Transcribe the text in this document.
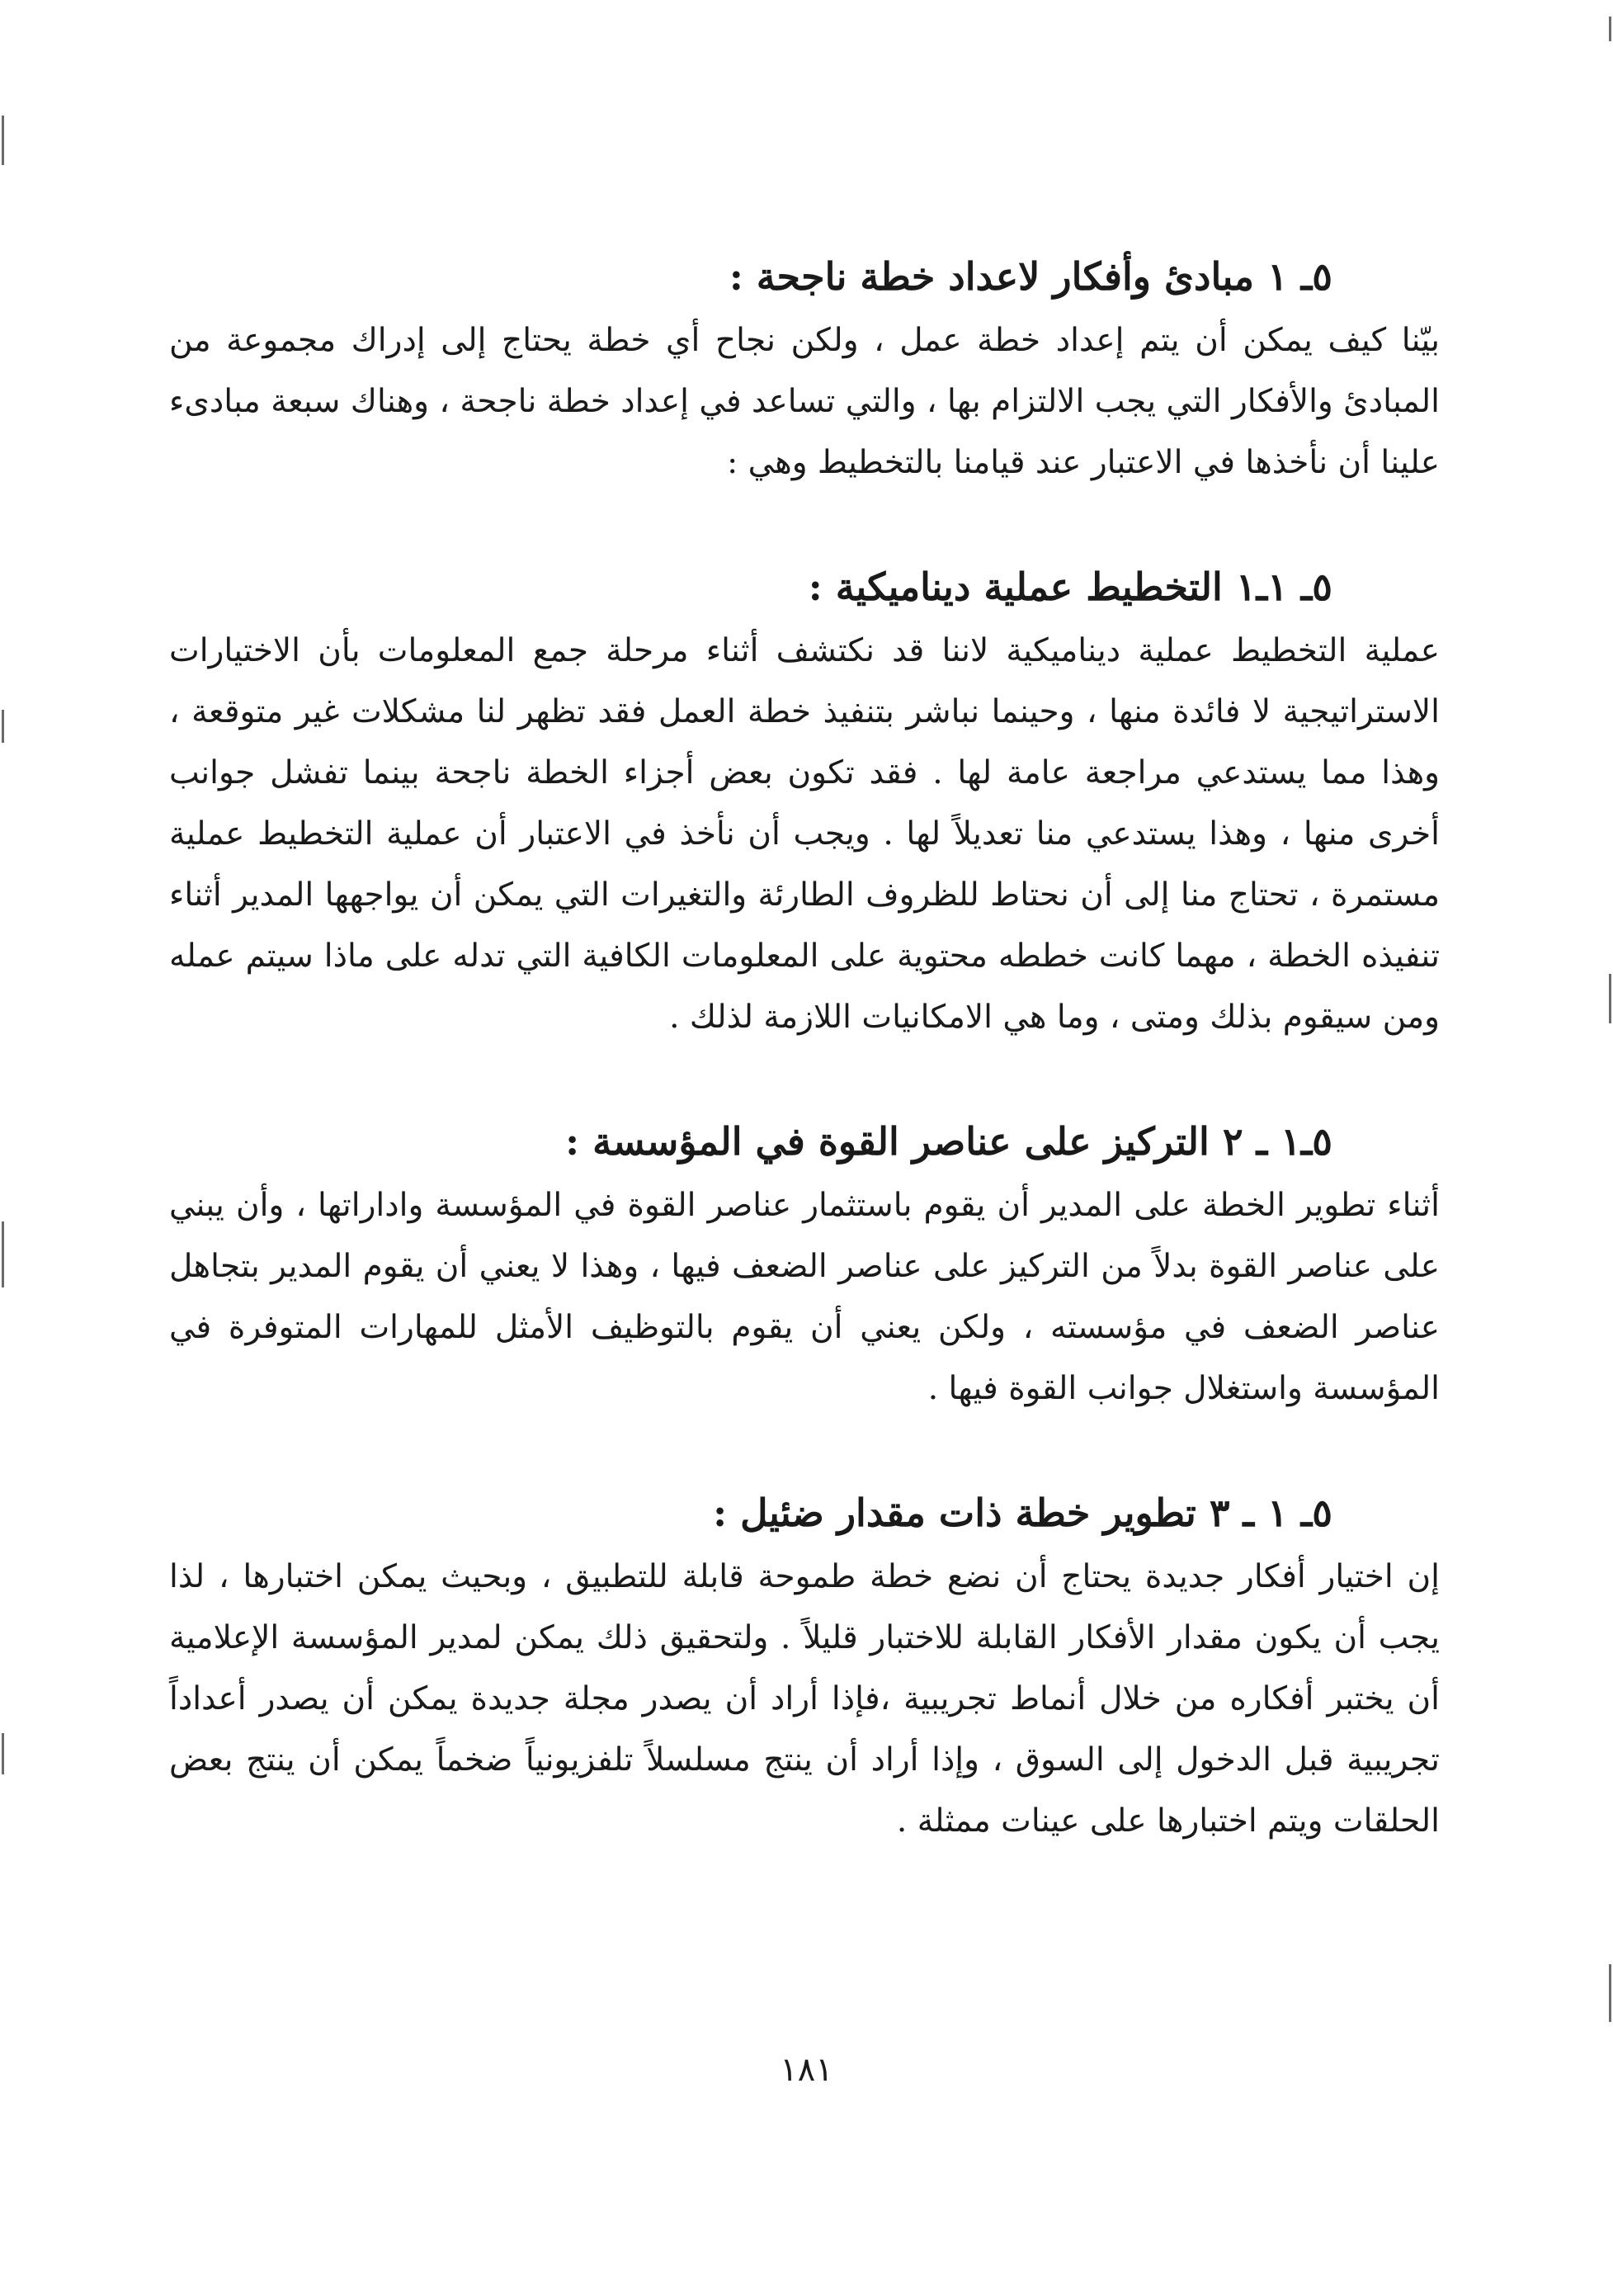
٥ـ ١ مبادئ وأفكار لاعداد خطة ناجحة :

بيّنا كيف يمكن أن يتم إعداد خطة عمل ، ولكن نجاح أي خطة يحتاج إلى إدراك مجموعة من المبادئ والأفكار التي يجب الالتزام بها ، والتي تساعد في إعداد خطة ناجحة ، وهناك سبعة مبادىء علينا أن نأخذها في الاعتبار عند قيامنا بالتخطيط وهي :

٥ـ ١ـ١ التخطيط عملية ديناميكية :

عملية التخطيط عملية ديناميكية لاننا قد نكتشف أثناء مرحلة جمع المعلومات بأن الاختيارات الاستراتيجية لا فائدة منها ، وحينما نباشر بتنفيذ خطة العمل فقد تظهر لنا مشكلات غير متوقعة ، وهذا مما يستدعي مراجعة عامة لها . فقد تكون بعض أجزاء الخطة ناجحة بينما تفشل جوانب أخرى منها ، وهذا يستدعي منا تعديلاً لها . ويجب أن نأخذ في الاعتبار أن عملية التخطيط عملية مستمرة ، تحتاج منا إلى أن نحتاط للظروف الطارئة والتغيرات التي يمكن أن يواجهها المدير أثناء تنفيذه الخطة ، مهما كانت خططه محتوية على المعلومات الكافية التي تدله على ماذا سيتم عمله ومن سيقوم بذلك ومتى ، وما هي الامكانيات اللازمة لذلك .

٥ـ١ ـ ٢ التركيز على عناصر القوة في المؤسسة :

أثناء تطوير الخطة على المدير أن يقوم باستثمار عناصر القوة في المؤسسة واداراتها ، وأن يبني على عناصر القوة بدلاً من التركيز على عناصر الضعف فيها ، وهذا لا يعني أن يقوم المدير بتجاهل عناصر الضعف في مؤسسته ، ولكن يعني أن يقوم بالتوظيف الأمثل للمهارات المتوفرة في المؤسسة واستغلال جوانب القوة فيها .

٥ـ ١ ـ ٣ تطوير خطة ذات مقدار ضئيل :

إن اختيار أفكار جديدة يحتاج أن نضع خطة طموحة قابلة للتطبيق ، وبحيث يمكن اختبارها ، لذا يجب أن يكون مقدار الأفكار القابلة للاختبار قليلاً . ولتحقيق ذلك يمكن لمدير المؤسسة الإعلامية أن يختبر أفكاره من خلال أنماط تجريبية ،فإذا أراد أن يصدر مجلة جديدة يمكن أن يصدر أعداداً تجريبية قبل الدخول إلى السوق ، وإذا أراد أن ينتج مسلسلاً تلفزيونياً ضخماً يمكن أن ينتج بعض الحلقات ويتم اختبارها على عينات ممثلة .

١٨١
